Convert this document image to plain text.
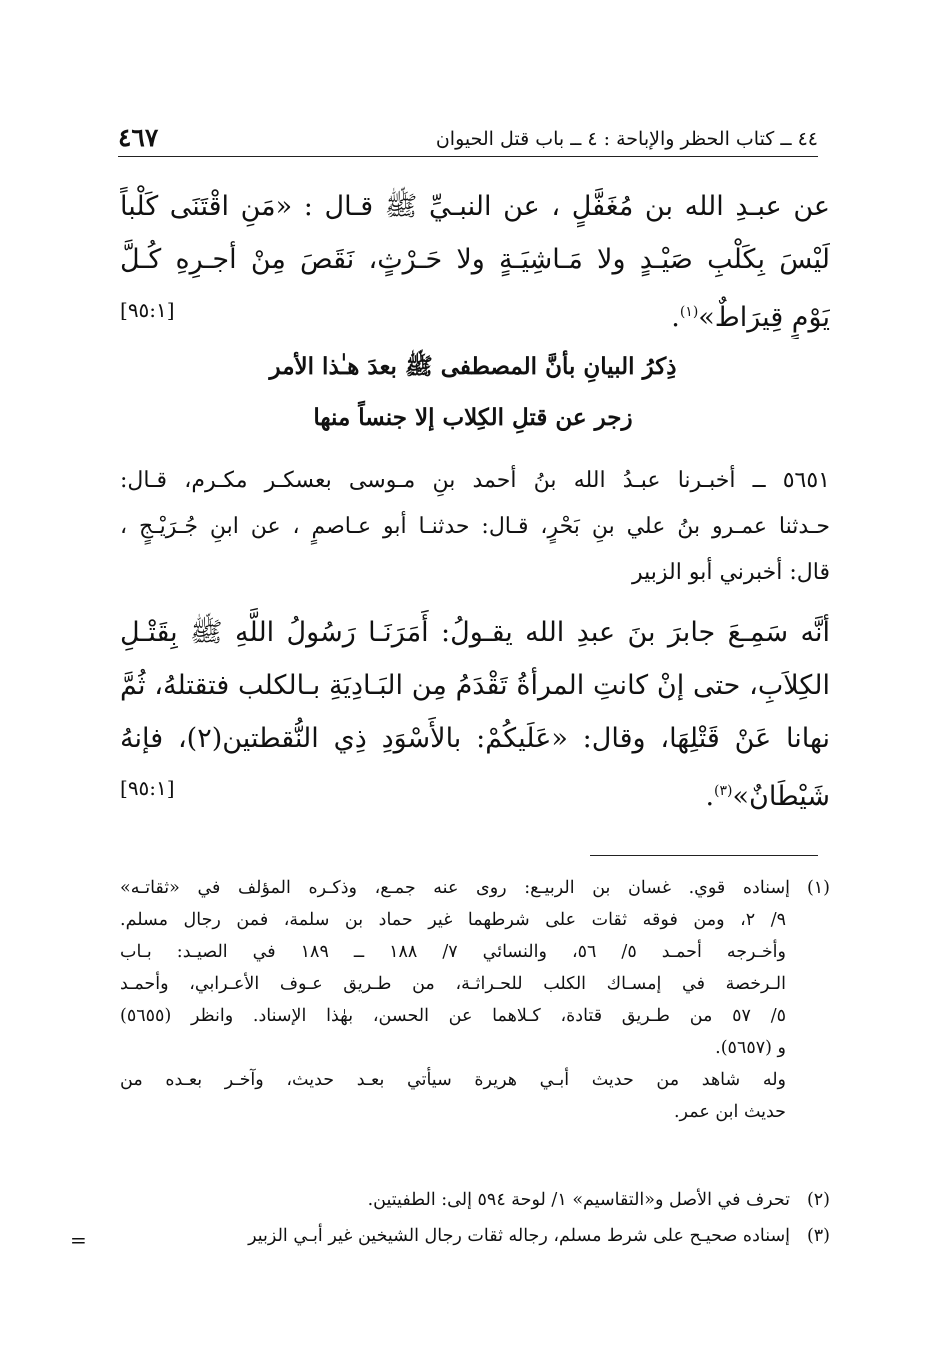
٤٤ ــ كتاب الحظر والإباحة : ٤ ــ باب قتل الحيوان
٤٦٧
عن عبـدِ الله بن مُغَفَّلٍ ، عن النبـيِّ ﷺ قـال : «مَنِ اقْتَنَى كَلْباً
لَيْسَ بِكَلْبِ صَيْـدٍ ولا مَـاشِيَـةٍ ولا حَـرْثٍ، نَقَصَ مِنْ أجـرِهِ كُـلَّ
يَوْمٍ قِيرَاطٌ»$^{(١)}$.
[٩٥:١]
ذِكرُ البيانِ بأنَّ المصطفى ﷺ بعدَ هـٰذا الأمر
زجر عن قتلِ الكِلاب إلا جنساً منها
٥٦٥١ ــ أخبـرنا عبـدُ الله بنُ أحمد بنِ مـوسى بعسكـر مكـرم، قـال:
حـدثنا عمـرو بنُ علي بنِ بَحْرٍ، قـال: حدثنـا أبو عـاصمٍ ، عن ابنِ جُـرَيْـجٍ ،
قال: أخبرني أبو الزبير
أنَّه سَمِـعَ جابرَ بنَ عبدِ الله يقـولُ: أَمَرَنَـا رَسُولُ اللَّهِ ﷺ بِقَتْـلِ
الكِلاَبِ، حتى إنْ كانتِ المرأةُ تَقْدَمُ مِن البَـادِيَةِ بـالكلب فتقتلهُ، ثُمَّ
نهانا عَنْ قَتْلِهَا، وقال: «عَلَيكُمْ: بالأَسْوَدِ ذِي النُّقطتين(٢)، فإنهُ
شَيْطَانٌ»$^{(٣)}$.
[٩٥:١]
(١)إسناده قوي. غسان بن الربيـع: روى عنه جمـع، وذكـره المؤلف في «ثقاتـه»
٩/ ٢، ومن فوقه ثقات على شرطهما غير حماد بن سلمة، فمن رجال مسلم.
وأخـرجه أحمـد ٥/ ٥٦، والنسائي ٧/ ١٨٨ ــ ١٨٩ في الصيـد: بـاب
الـرخصة في إمسـاك الكلب للحـراثـة، من طـريق عـوف الأعـرابي، وأحمـد
٥/ ٥٧ من طـريق قتادة، كـلاهما عن الحسن، بهٰذا الإسناد. وانظر (٥٦٥٥)
و (٥٦٥٧).
وله شاهد من حديث أبـي هريرة سيأتي بعـد حديث، وآخـر بعـده من
حديث ابن عمر.
(٢)تحرف في الأصل و«التقاسيم» ١/ لوحة ٥٩٤ إلى: الطفيتين.
(٣)إسناده صحيـح على شرط مسلم، رجاله ثقات رجال الشيخين غير أبـي الزبير
=
